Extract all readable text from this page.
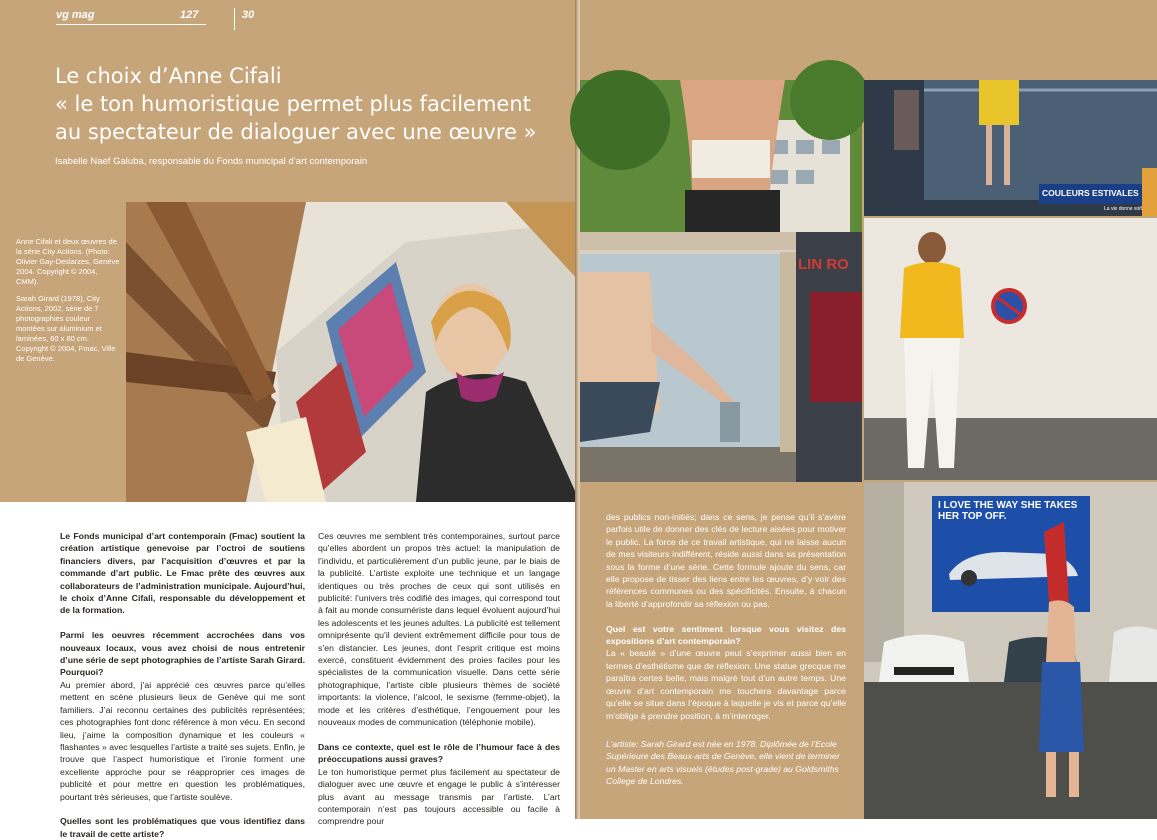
vg mag	127	30
Le choix d’Anne Cifali
« le ton humoristique permet plus facilement
au spectateur de dialoguer avec une œuvre »
Isabelle Naef Galuba, responsable du Fonds municipal d’art contemporain

Anne Cifali et deux œuvres de la série City Actions. (Photo: Olivier Gay-Deslarzes, Genève 2004. Copyright © 2004, CMM).

Sarah Girard (1978), City Actions, 2002, série de 7 photographies couleur montées sur aluminium et laminées, 60 x 80 cm. Copyright © 2004, Fmac, Ville de Genève.

Le Fonds municipal d’art contemporain (Fmac) soutient la création artistique genevoise par l’octroi de soutiens financiers divers, par l’acquisition d’œuvres et par la commande d’art public. Le Fmac prête des œuvres aux collaborateurs de l’administration municipale. Aujourd’hui, le choix d’Anne Cifali, responsable du développement et de la formation.

Parmi les oeuvres récemment accrochées dans vos nouveaux locaux, vous avez choisi de nous entretenir d’une série de sept photographies de l’artiste Sarah Girard. Pourquoi?

Au premier abord, j’ai apprécié ces œuvres parce qu’elles mettent en scène plusieurs lieux de Genève qui me sont familiers. J’ai reconnu certaines des publicités représentées; ces photographies font donc référence à mon vécu. En second lieu, j’aime la composition dynamique et les couleurs « flashantes » avec lesquelles l’artiste a traité ses sujets. Enfin, je trouve que l’aspect humoristique et l’ironie forment une excellente approche pour se réapproprier ces images de publicité et pour mettre en question les problématiques, pourtant très sérieuses, que l’artiste soulève.

Quelles sont les problématiques que vous identifiez dans le travail de cette artiste?

Ces œuvres me semblent très contemporaines, surtout parce qu’elles abordent un propos très actuel: la manipulation de l’individu, et particulièrement d’un public jeune, par le biais de la publicité. L’artiste exploite une technique et un langage identiques ou très proches de ceux qui sont utilisés en publicité: l’univers très codifié des images, qui correspond tout à fait au monde consumériste dans lequel évoluent aujourd’hui les adolescents et les jeunes adultes. La publicité est tellement omniprésente qu’il devient extrêmement difficile pour tous de s’en distancier. Les jeunes, dont l’esprit critique est moins exercé, constituent évidemment des proies faciles pour les spécialistes de la communication visuelle. Dans cette série photographique, l’artiste cible plusieurs thèmes de société importants: la violence, l’alcool, le sexisme (femme-objet), la mode et les critères d’esthétique, l’engouement pour les nouveaux modes de communication (téléphonie mobile).

Dans ce contexte, quel est le rôle de l’humour face à des préoccupations aussi graves?

Le ton humoristique permet plus facilement au spectateur de dialoguer avec une œuvre et engage le public à s’intéresser plus avant au message transmis par l’artiste. L’art contemporain n’est pas toujours accessible ou facile à comprendre pour

COULEURS ESTIVALES
La vie donne soif.
LIN RO
I LOVE THE WAY SHE TAKES HER TOP OFF.

des publics non-initiés; dans ce sens, je pense qu’il s’avère parfois utile de donner des clés de lecture aisées pour motiver le public. La force de ce travail artistique, qui ne laisse aucun de mes visiteurs indifférent, réside aussi dans sa présentation sous la forme d’une série. Cette formule ajoute du sens, car elle propose de tisser des liens entre les œuvres, d’y voir des références communes ou des spécificités. Ensuite, à chacun la liberté d’approfondir sa réflexion ou pas.

Quel est votre sentiment lorsque vous visitez des expositions d’art contemporain?

La « beauté » d’une œuvre peut s’exprimer aussi bien en termes d’esthétisme que de réflexion. Une statue grecque me paraîtra certes belle, mais malgré tout d’un autre temps. Une œuvre d’art contemporain me touchera davantage parce qu’elle se situe dans l’époque à laquelle je vis et parce qu’elle m’oblige à prendre position, à m’interroger.

L’artiste: Sarah Girard est née en 1978. Diplômée de l’Ecole Supérieure des Beaux-arts de Genève, elle vient de terminer un Master en arts visuels (études post-grade) au Goldsmiths College de Londres.
